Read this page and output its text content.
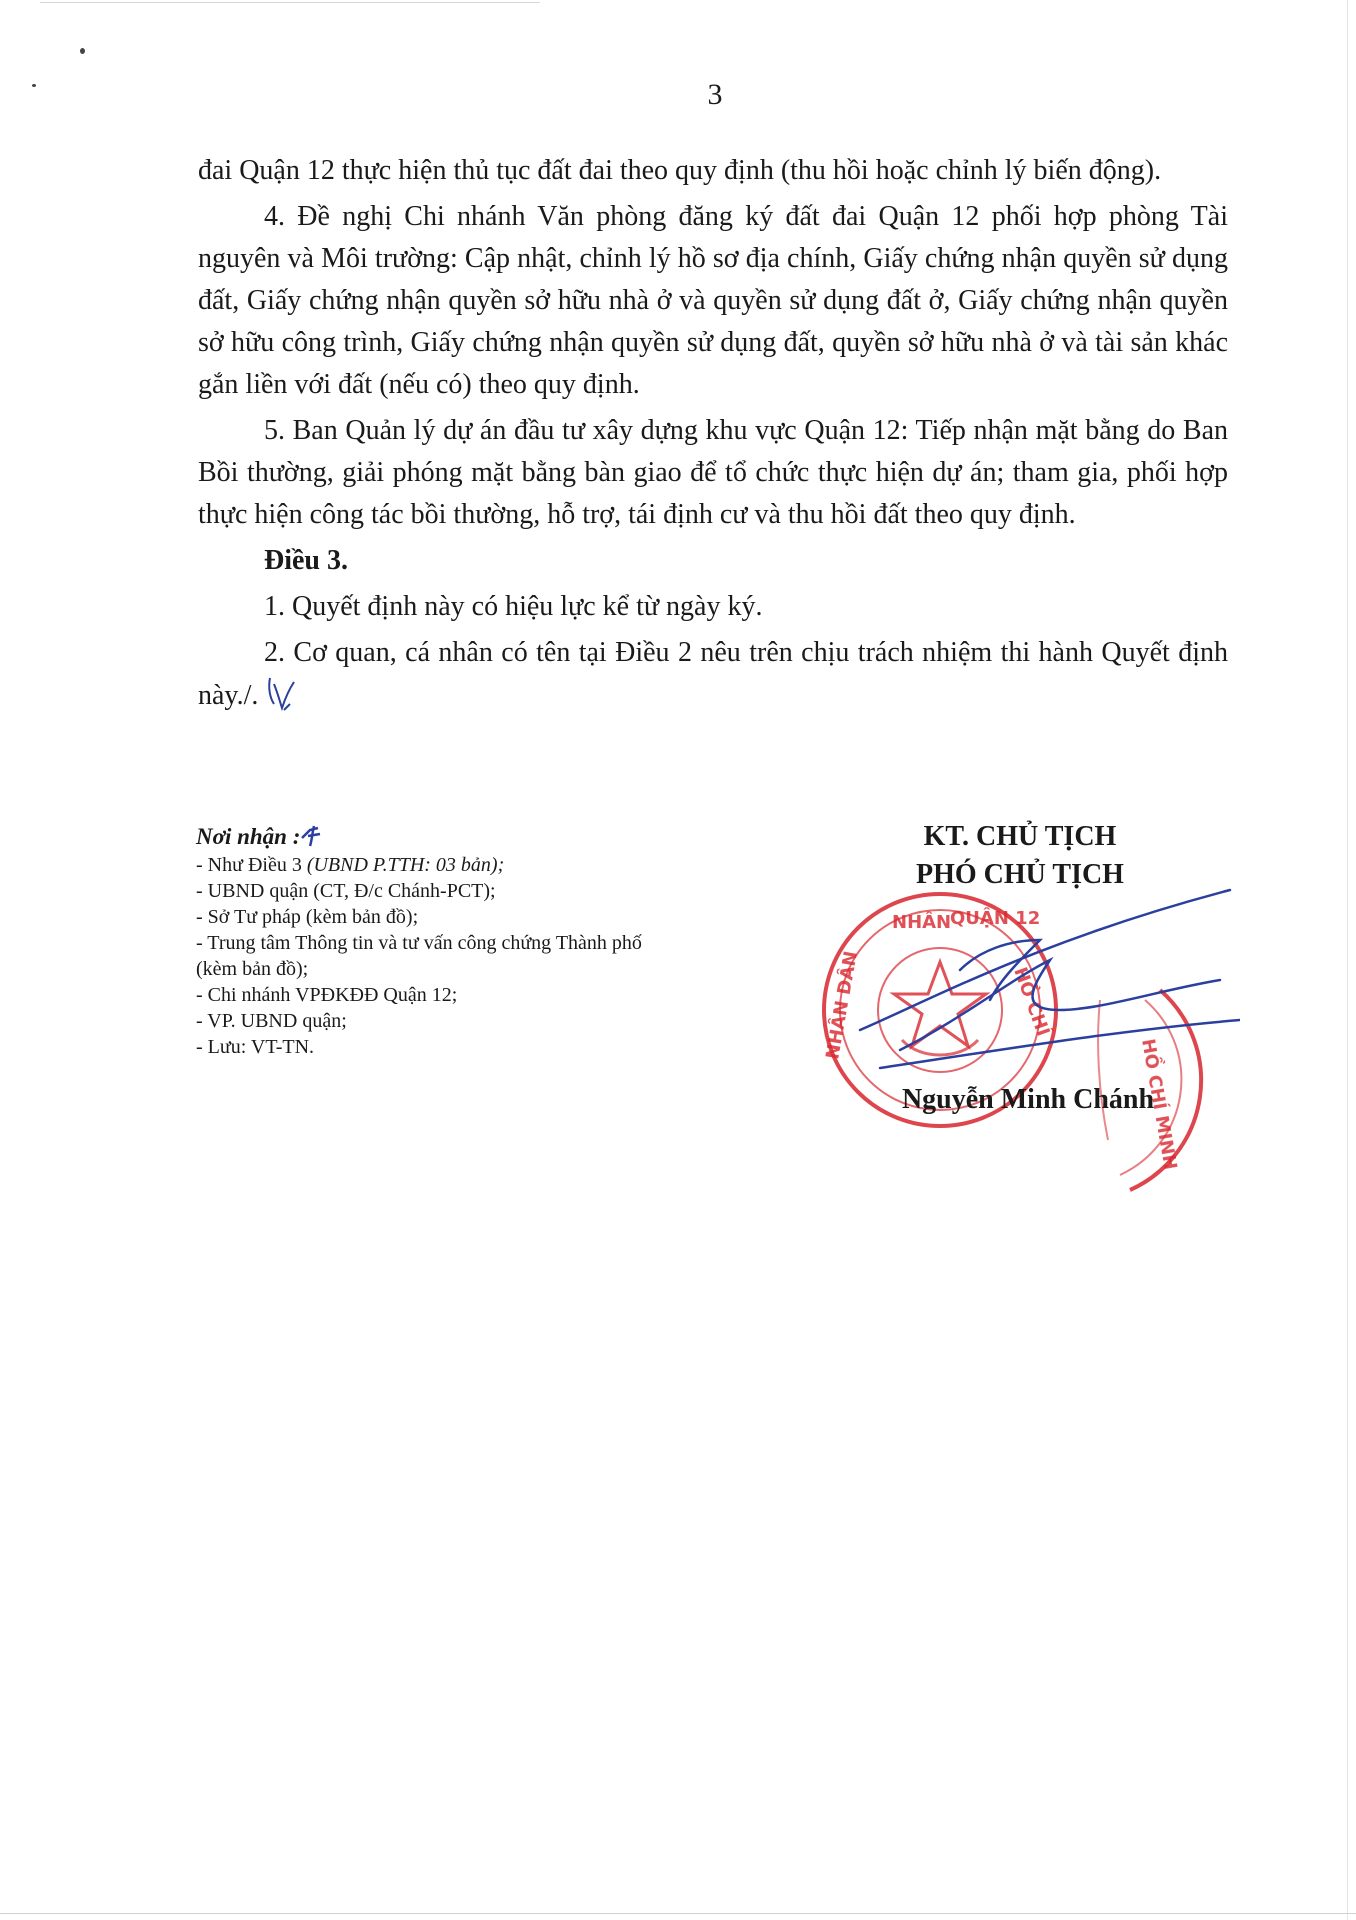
3

đai Quận 12 thực hiện thủ tục đất đai theo quy định (thu hồi hoặc chỉnh lý biến động).

4. Đề nghị Chi nhánh Văn phòng đăng ký đất đai Quận 12 phối hợp phòng Tài nguyên và Môi trường: Cập nhật, chỉnh lý hồ sơ địa chính, Giấy chứng nhận quyền sử dụng đất, Giấy chứng nhận quyền sở hữu nhà ở và quyền sử dụng đất ở, Giấy chứng nhận quyền sở hữu công trình, Giấy chứng nhận quyền sử dụng đất, quyền sở hữu nhà ở và tài sản khác gắn liền với đất (nếu có) theo quy định.

5. Ban Quản lý dự án đầu tư xây dựng khu vực Quận 12: Tiếp nhận mặt bằng do Ban Bồi thường, giải phóng mặt bằng bàn giao để tổ chức thực hiện dự án; tham gia, phối hợp thực hiện công tác bồi thường, hỗ trợ, tái định cư và thu hồi đất theo quy định.

Điều 3.

1. Quyết định này có hiệu lực kể từ ngày ký.

2. Cơ quan, cá nhân có tên tại Điều 2 nêu trên chịu trách nhiệm thi hành Quyết định này./.

Nơi nhận :
- Như Điều 3 (UBND P.TTH: 03 bản);
- UBND quận (CT, Đ/c Chánh-PCT);
- Sở Tư pháp (kèm bản đồ);
- Trung tâm Thông tin và tư vấn công chứng Thành phố (kèm bản đồ);
- Chi nhánh VPĐKĐĐ Quận 12;
- VP. UBND quận;
- Lưu: VT-TN.
KT. CHỦ TỊCH
PHÓ CHỦ TỊCH
NHÂN
QUẬN 12
HỒ CHÍ
NHÂN DÂN
HỒ CHÍ MINH
Nguyễn Minh Chánh
